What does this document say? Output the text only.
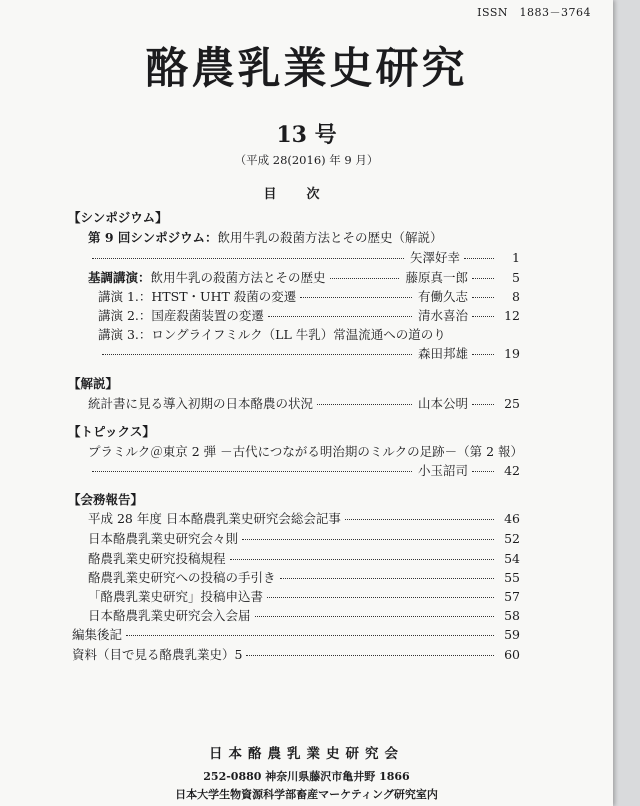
ISSN　1883－3764
酪農乳業史研究
13 号
（平成 28(2016) 年 9 月）
目次
【シンポジウム】
第 9 回シンポジウム：飲用牛乳の殺菌方法とその歴史（解説）
矢澤好幸	1
基調講演：飲用牛乳の殺菌方法とその歴史	藤原真一郎	5
講演 1.：HTST・UHT 殺菌の変遷	有働久志	8
講演 2.：国産殺菌装置の変遷	清水喜治	12
講演 3.：ロングライフミルク（LL 牛乳）常温流通への道のり
森田邦雄	19
【解説】
統計書に見る導入初期の日本酪農の状況	山本公明	25
【トピックス】
プラミルク＠東京 2 弾 －古代につながる明治期のミルクの足跡－（第 2 報）
小玉詔司	42
【会務報告】
平成 28 年度 日本酪農乳業史研究会総会記事	46
日本酪農乳業史研究会々則	52
酪農乳業史研究投稿規程	54
酪農乳業史研究への投稿の手引き	55
「酪農乳業史研究」投稿申込書	57
日本酪農乳業史研究会入会届	58
編集後記	59
資料（目で見る酪農乳業史）5	60
日本酪農乳業史研究会
252-0880 神奈川県藤沢市亀井野 1866
日本大学生物資源科学部畜産マーケティング研究室内
